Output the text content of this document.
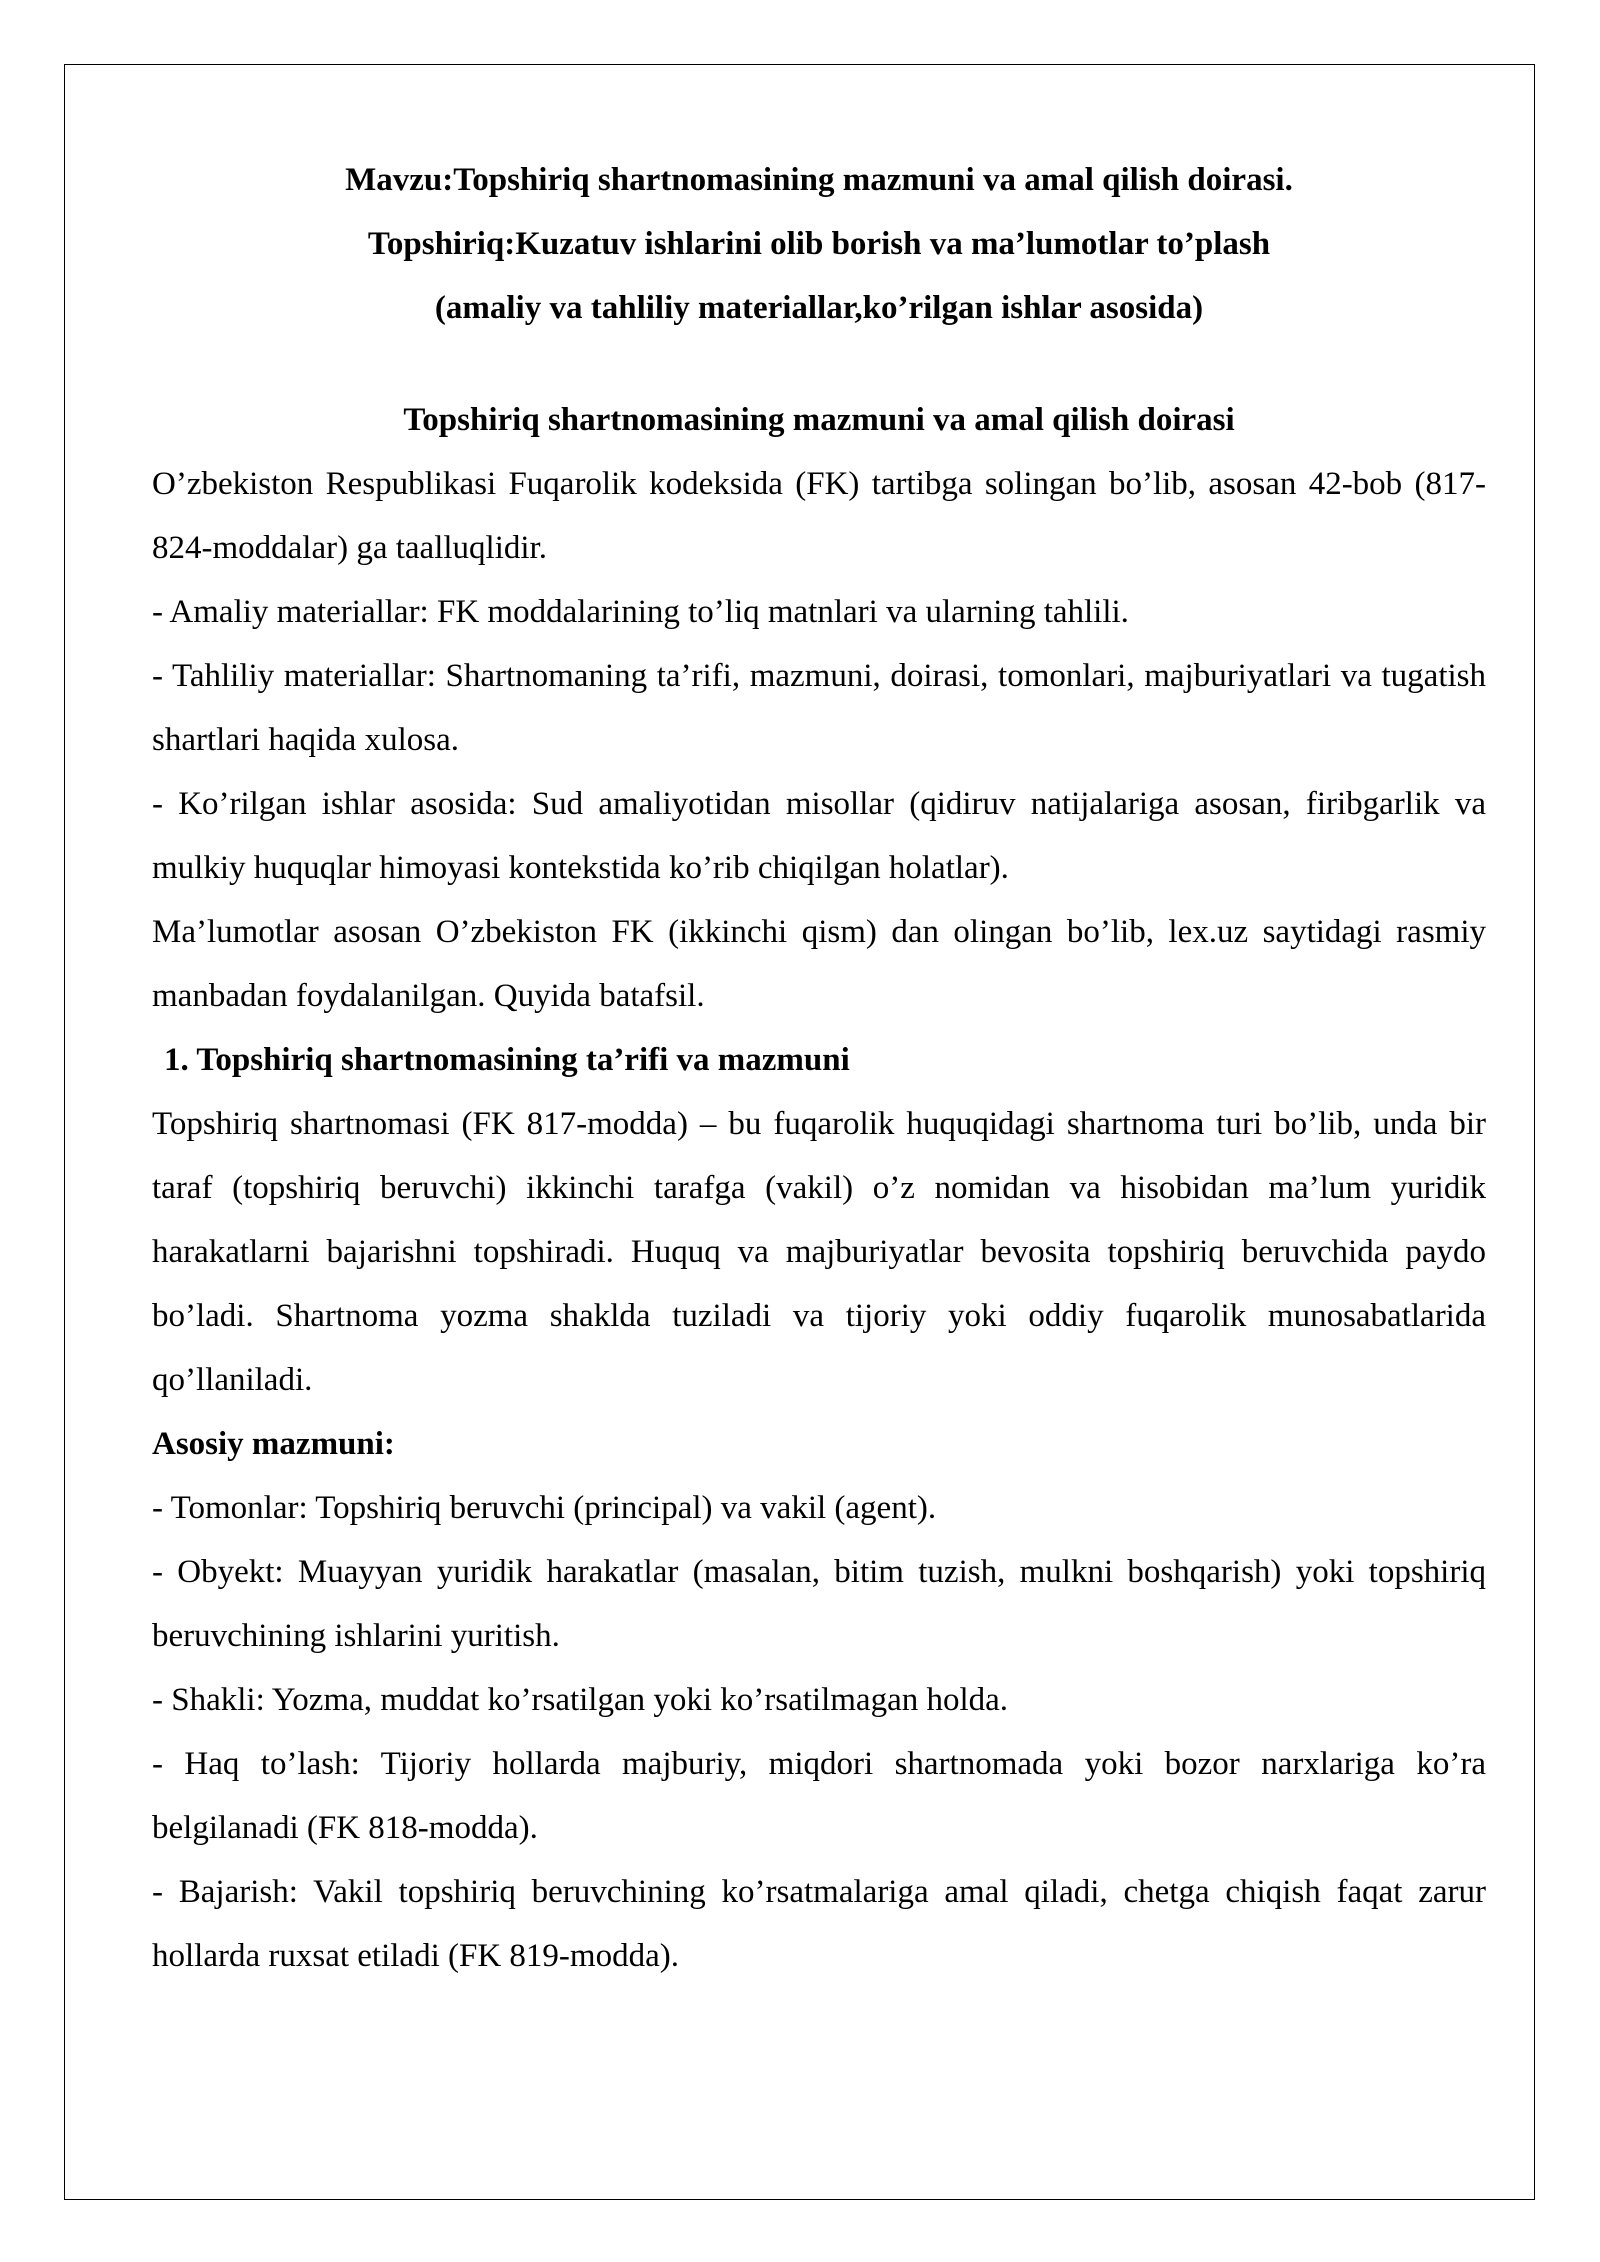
Mavzu:Topshiriq shartnomasining mazmuni va amal qilish doirasi.

Topshiriq:Kuzatuv ishlarini olib borish va ma’lumotlar to’plash

(amaliy va tahliliy materiallar,ko’rilgan ishlar asosida)

Topshiriq shartnomasining mazmuni va amal qilish doirasi

O’zbekiston Respublikasi Fuqarolik kodeksida (FK) tartibga solingan bo’lib, asosan 42-bob (817-824-moddalar) ga taalluqlidir.

- Amaliy materiallar: FK moddalarining to’liq matnlari va ularning tahlili.

- Tahliliy materiallar: Shartnomaning ta’rifi, mazmuni, doirasi, tomonlari, majburiyatlari va tugatish shartlari haqida xulosa.

- Ko’rilgan ishlar asosida: Sud amaliyotidan misollar (qidiruv natijalariga asosan, firibgarlik va mulkiy huquqlar himoyasi kontekstida ko’rib chiqilgan holatlar).

Ma’lumotlar asosan O’zbekiston FK (ikkinchi qism) dan olingan bo’lib, lex.uz saytidagi rasmiy manbadan foydalanilgan. Quyida batafsil.

1. Topshiriq shartnomasining ta’rifi va mazmuni

Topshiriq shartnomasi (FK 817-modda) – bu fuqarolik huquqidagi shartnoma turi bo’lib, unda bir taraf (topshiriq beruvchi) ikkinchi tarafga (vakil) o’z nomidan va hisobidan ma’lum yuridik harakatlarni bajarishni topshiradi. Huquq va majburiyatlar bevosita topshiriq beruvchida paydo bo’ladi. Shartnoma yozma shaklda tuziladi va tijoriy yoki oddiy fuqarolik munosabatlarida qo’llaniladi.

Asosiy mazmuni:

- Tomonlar: Topshiriq beruvchi (principal) va vakil (agent).

- Obyekt: Muayyan yuridik harakatlar (masalan, bitim tuzish, mulkni boshqarish) yoki topshiriq beruvchining ishlarini yuritish.

- Shakli: Yozma, muddat ko’rsatilgan yoki ko’rsatilmagan holda.

- Haq to’lash: Tijoriy hollarda majburiy, miqdori shartnomada yoki bozor narxlariga ko’ra belgilanadi (FK 818-modda).

- Bajarish: Vakil topshiriq beruvchining ko’rsatmalariga amal qiladi, chetga chiqish faqat zarur hollarda ruxsat etiladi (FK 819-modda).
